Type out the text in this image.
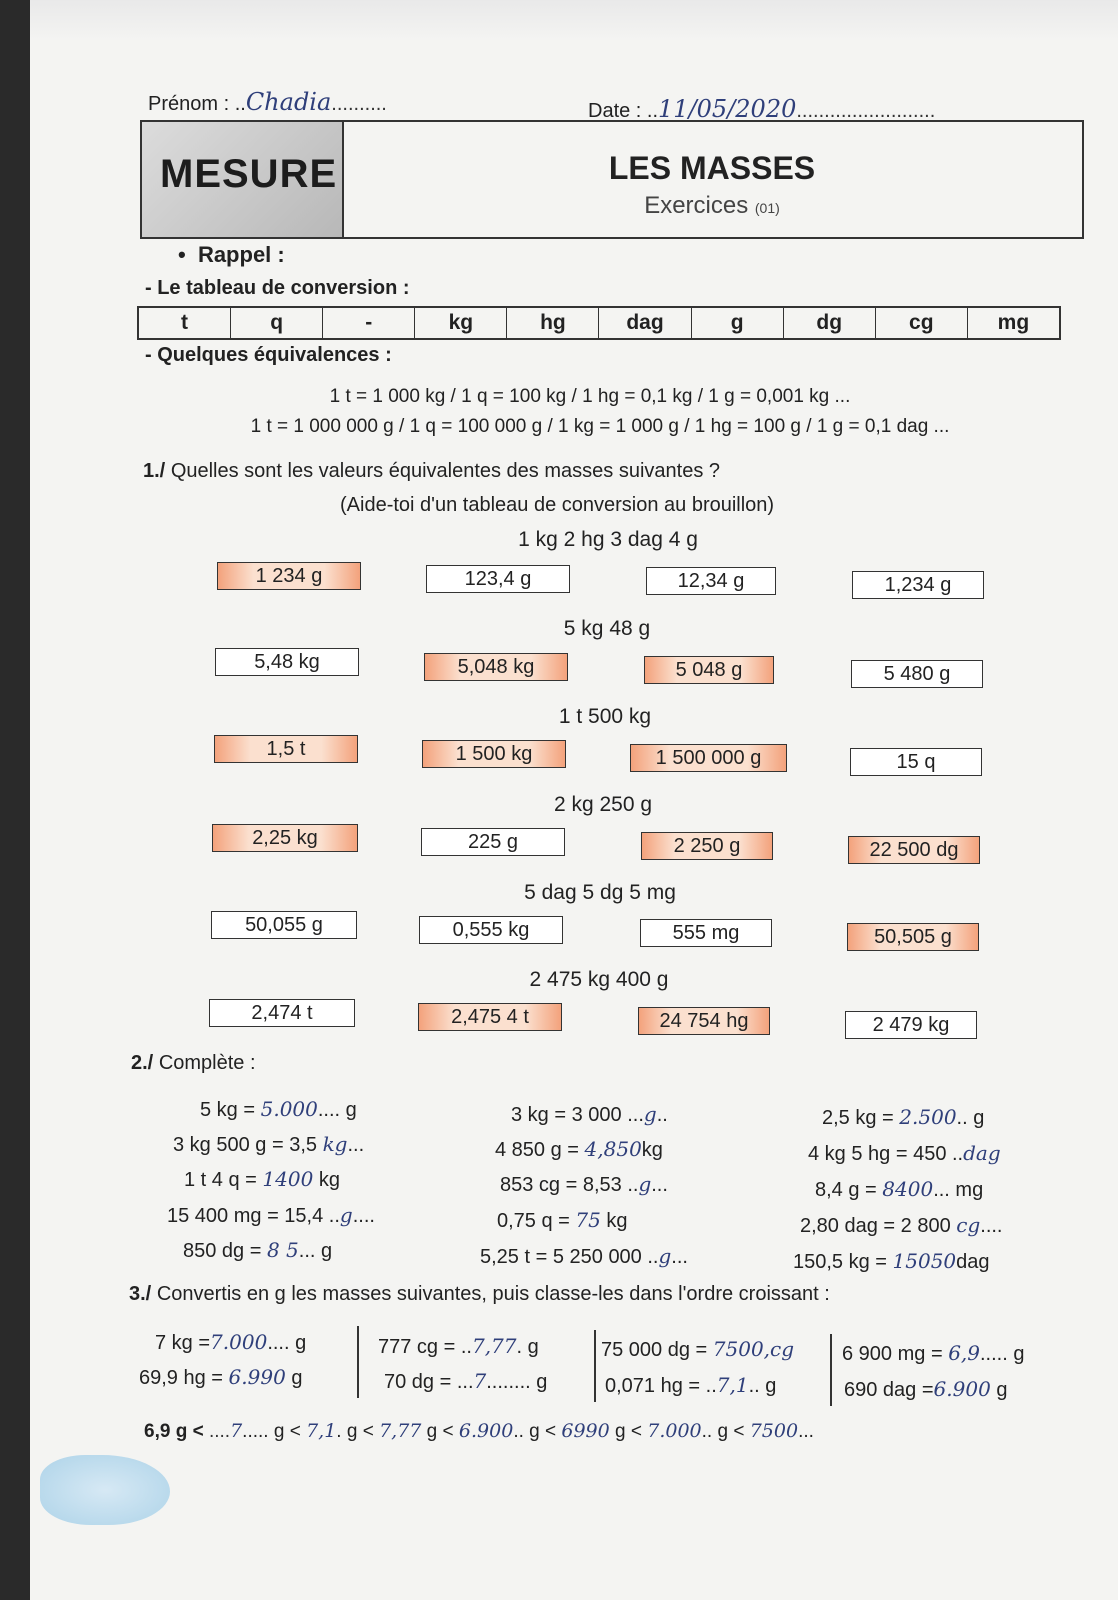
Prénom : ..Chadia..........	Date : ..11/05/2020.........................
MESURE	LES MASSES
Exercices (01)
• Rappel :
- Le tableau de conversion :
t	q	-	kg	hg	dag	g	dg	cg	mg
- Quelques équivalences :
1 t = 1 000 kg / 1 q = 100 kg / 1 hg = 0,1 kg / 1 g = 0,001 kg ...
1 t = 1 000 000 g / 1 q = 100 000 g / 1 kg = 1 000 g / 1 hg = 100 g / 1 g = 0,1 dag ...
1./ Quelles sont les valeurs équivalentes des masses suivantes ?
(Aide-toi d'un tableau de conversion au brouillon)
1 kg 2 hg 3 dag 4 g
1 234 g	123,4 g	12,34 g	1,234 g
5 kg 48 g
5,48 kg	5,048 kg	5 048 g	5 480 g
1 t 500 kg
1,5 t	1 500 kg	1 500 000 g	15 q
2 kg 250 g
2,25 kg	225 g	2 250 g	22 500 dg
5 dag 5 dg 5 mg
50,055 g	0,555 kg	555 mg	50,505 g
2 475 kg 400 g
2,474 t	2,475 4 t	24 754 hg	2 479 kg
2./ Complète :
5 kg = 5.000.... g
3 kg 500 g = 3,5 kg...
1 t 4 q = 1400 kg
15 400 mg = 15,4 ..g....
850 dg = 8 5... g
3 kg = 3 000 ...g..
4 850 g = 4,850kg
853 cg = 8,53 ..g...
0,75 q = 75 kg
5,25 t = 5 250 000 ..g...
2,5 kg = 2.500.. g
4 kg 5 hg = 450 ..dag
8,4 g = 8400... mg
2,80 dag = 2 800 cg....
150,5 kg = 15050dag
3./ Convertis en g les masses suivantes, puis classe-les dans l'ordre croissant :
7 kg =7.000.... g
69,9 hg = 6.990 g
777 cg = ..7,77. g
70 dg = ...7........ g
75 000 dg = 7500,cg
0,071 hg = ..7,1.. g
6 900 mg = 6,9..... g
690 dag =6.900 g
6,9 g < ....7..... g < 7,1. g < 7,77 g < 6.900.. g < 6990 g < 7.000.. g < 7500...
